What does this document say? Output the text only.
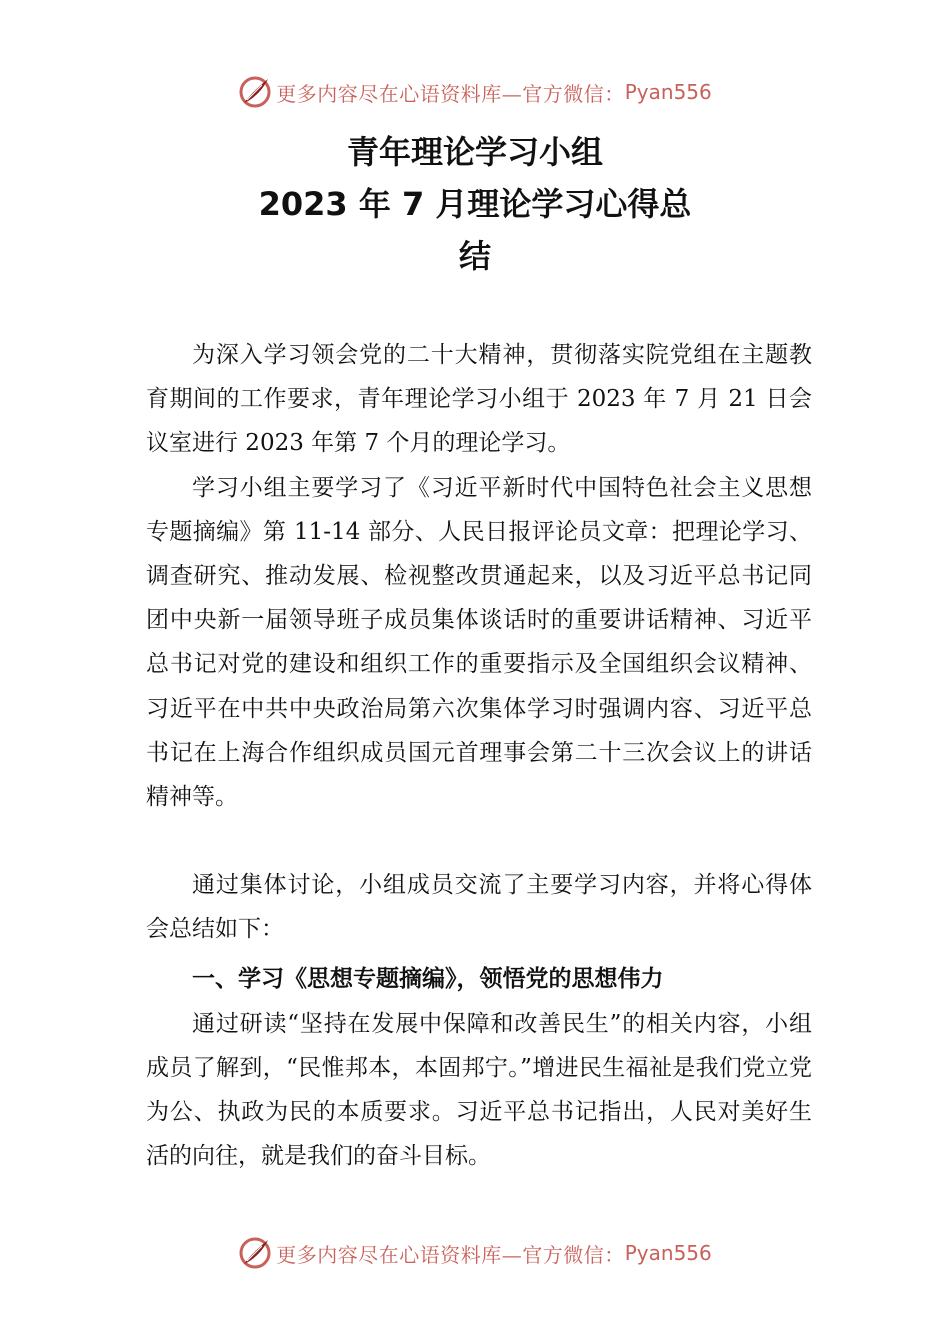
更多内容尽在心语资料库—官方微信： Pyan556
青年理论学习小组
2023 年 7 月理论学习心得总
结

为深入学习领会党的二十大精神，贯彻落实院党组在主题教育期间的工作要求，青年理论学习小组于 2023 年 7 月 21 日会议室进行 2023 年第 7 个月的理论学习。

学习小组主要学习了《习近平新时代中国特色社会主义思想专题摘编》第 11-14 部分、人民日报评论员文章：把理论学习、调查研究、推动发展、检视整改贯通起来，以及习近平总书记同团中央新一届领导班子成员集体谈话时的重要讲话精神、习近平总书记对党的建设和组织工作的重要指示及全国组织会议精神、习近平在中共中央政治局第六次集体学习时强调内容、习近平总书记在上海合作组织成员国元首理事会第二十三次会议上的讲话精神等。

通过集体讨论，小组成员交流了主要学习内容，并将心得体会总结如下：

一、学习《思想专题摘编》，领悟党的思想伟力

通过研读“坚持在发展中保障和改善民生”的相关内容，小组成员了解到，“民惟邦本，本固邦宁。”增进民生福祉是我们党立党为公、执政为民的本质要求。习近平总书记指出，人民对美好生活的向往，就是我们的奋斗目标。

更多内容尽在心语资料库—官方微信： Pyan556
